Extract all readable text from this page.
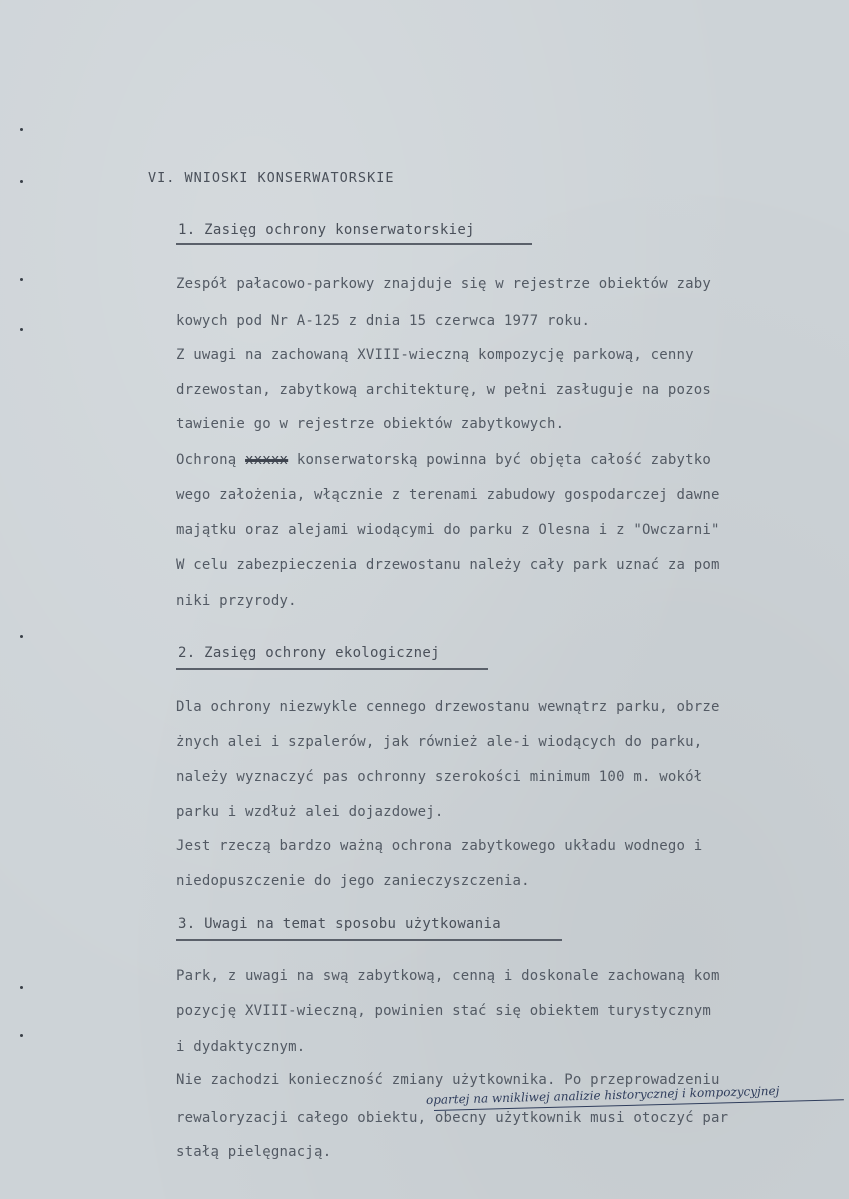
VI. WNIOSKI KONSERWATORSKIE
1. Zasięg ochrony konserwatorskiej
Zespół pałacowo-parkowy znajduje się w rejestrze obiektów zaby
kowych pod Nr A-125 z dnia 15 czerwca 1977 roku.
Z uwagi na zachowaną XVIII-wieczną kompozycję parkową, cenny
drzewostan, zabytkową architekturę, w pełni zasługuje na pozos
tawienie go w rejestrze obiektów zabytkowych.
Ochroną xxxxx konserwatorską powinna być objęta całość zabytko
wego założenia, włącznie z terenami zabudowy gospodarczej dawne
majątku oraz alejami wiodącymi do parku z Olesna i z "Owczarni"
W celu zabezpieczenia drzewostanu należy cały park uznać za pom
niki przyrody.
2. Zasięg ochrony ekologicznej
Dla ochrony niezwykle cennego drzewostanu wewnątrz parku, obrze
żnych alei i szpalerów, jak również ale-i wiodących do parku,
należy wyznaczyć pas ochronny szerokości minimum 100 m. wokół
parku i wzdłuż alei dojazdowej.
Jest rzeczą bardzo ważną ochrona zabytkowego układu wodnego i
niedopuszczenie do jego zanieczyszczenia.
3. Uwagi na temat sposobu użytkowania
Park, z uwagi na swą zabytkową, cenną i doskonale zachowaną kom
pozycję XVIII-wieczną, powinien stać się obiektem turystycznym
i dydaktycznym.
Nie zachodzi konieczność zmiany użytkownika. Po przeprowadzeniu
rewaloryzacji całego obiektu, obecny użytkownik musi otoczyć par
stałą pielęgnacją.
opartej na wnikliwej analizie historycznej i kompozycyjnej
